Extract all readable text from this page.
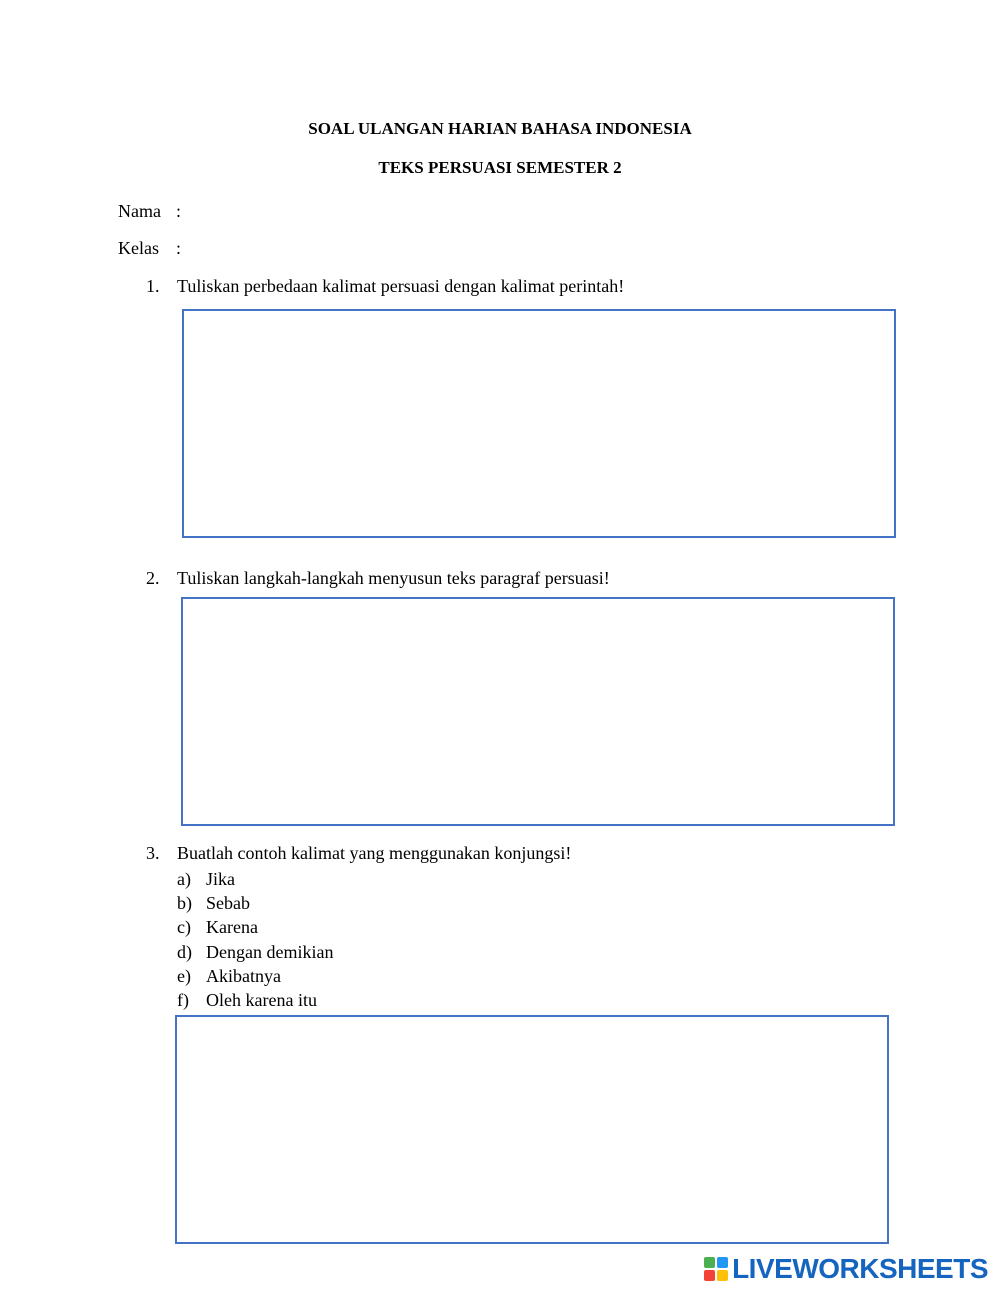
SOAL ULANGAN HARIAN BAHASA INDONESIA
TEKS PERSUASI SEMESTER 2
Nama :
Kelas :
1. Tuliskan perbedaan kalimat persuasi dengan kalimat perintah!
2. Tuliskan langkah-langkah menyusun teks paragraf persuasi!
3. Buatlah contoh kalimat yang menggunakan konjungsi!
a) Jika
b) Sebab
c) Karena
d) Dengan demikian
e) Akibatnya
f) Oleh karena itu
LIVEWORKSHEETS
